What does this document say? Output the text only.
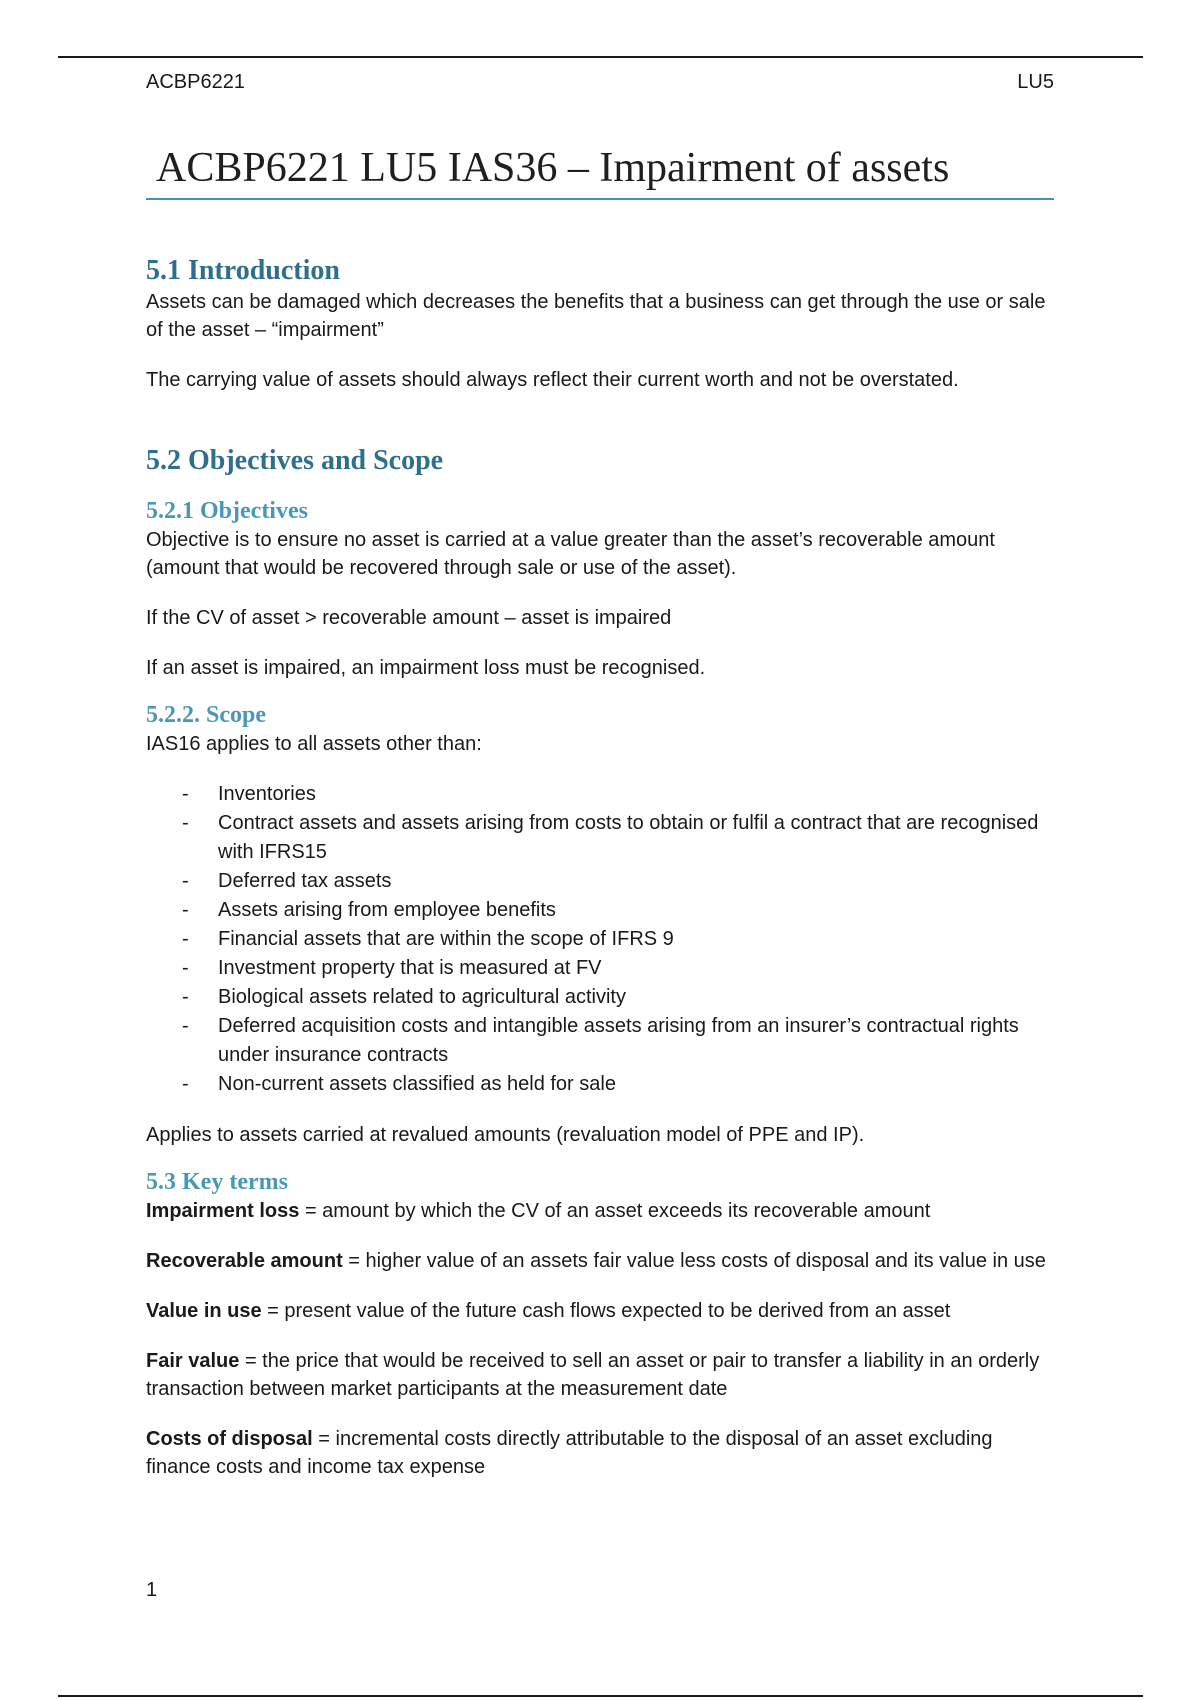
ACBP6221	LU5
ACBP6221 LU5 IAS36 – Impairment of assets
5.1 Introduction

Assets can be damaged which decreases the benefits that a business can get through the use or sale of the asset – “impairment”

The carrying value of assets should always reflect their current worth and not be overstated.

5.2 Objectives and Scope
5.2.1 Objectives

Objective is to ensure no asset is carried at a value greater than the asset’s recoverable amount (amount that would be recovered through sale or use of the asset).

If the CV of asset > recoverable amount – asset is impaired

If an asset is impaired, an impairment loss must be recognised.

5.2.2. Scope

IAS16 applies to all assets other than:

- Inventories
- Contract assets and assets arising from costs to obtain or fulfil a contract that are recognised with IFRS15
- Deferred tax assets
- Assets arising from employee benefits
- Financial assets that are within the scope of IFRS 9
- Investment property that is measured at FV
- Biological assets related to agricultural activity
- Deferred acquisition costs and intangible assets arising from an insurer’s contractual rights under insurance contracts
- Non-current assets classified as held for sale

Applies to assets carried at revalued amounts (revaluation model of PPE and IP).

5.3 Key terms

Impairment loss = amount by which the CV of an asset exceeds its recoverable amount

Recoverable amount = higher value of an assets fair value less costs of disposal and its value in use

Value in use = present value of the future cash flows expected to be derived from an asset

Fair value = the price that would be received to sell an asset or pair to transfer a liability in an orderly transaction between market participants at the measurement date

Costs of disposal = incremental costs directly attributable to the disposal of an asset excluding finance costs and income tax expense

1
